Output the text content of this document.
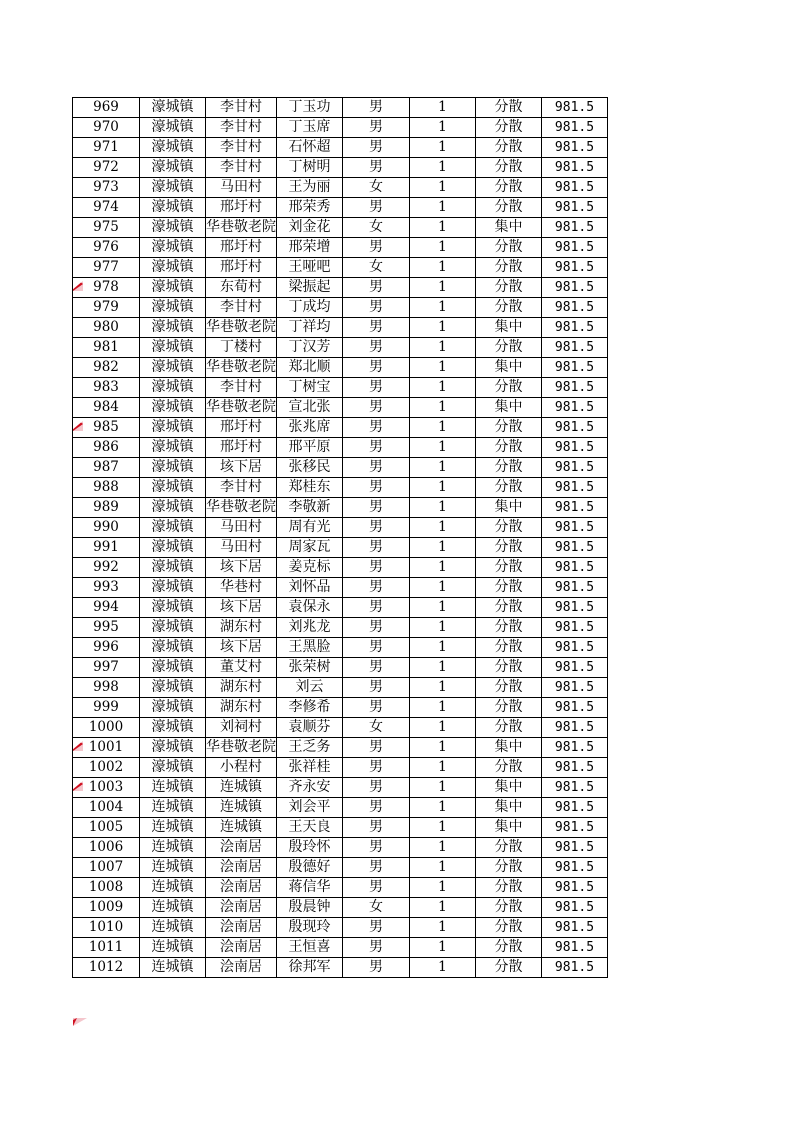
969	濠城镇	李甘村	丁玉功	男	1	分散	981.5
970	濠城镇	李甘村	丁玉席	男	1	分散	981.5
971	濠城镇	李甘村	石怀超	男	1	分散	981.5
972	濠城镇	李甘村	丁树明	男	1	分散	981.5
973	濠城镇	马田村	王为丽	女	1	分散	981.5
974	濠城镇	邢圩村	邢荣秀	男	1	分散	981.5
975	濠城镇	华巷敬老院	刘金花	女	1	集中	981.5
976	濠城镇	邢圩村	邢荣增	男	1	分散	981.5
977	濠城镇	邢圩村	王哑吧	女	1	分散	981.5
978	濠城镇	东荀村	梁振起	男	1	分散	981.5
979	濠城镇	李甘村	丁成均	男	1	分散	981.5
980	濠城镇	华巷敬老院	丁祥均	男	1	集中	981.5
981	濠城镇	丁楼村	丁汉芳	男	1	分散	981.5
982	濠城镇	华巷敬老院	郑北顺	男	1	集中	981.5
983	濠城镇	李甘村	丁树宝	男	1	分散	981.5
984	濠城镇	华巷敬老院	宣北张	男	1	集中	981.5
985	濠城镇	邢圩村	张兆席	男	1	分散	981.5
986	濠城镇	邢圩村	邢平原	男	1	分散	981.5
987	濠城镇	垓下居	张移民	男	1	分散	981.5
988	濠城镇	李甘村	郑桂东	男	1	分散	981.5
989	濠城镇	华巷敬老院	李敬新	男	1	集中	981.5
990	濠城镇	马田村	周有光	男	1	分散	981.5
991	濠城镇	马田村	周家瓦	男	1	分散	981.5
992	濠城镇	垓下居	姜克标	男	1	分散	981.5
993	濠城镇	华巷村	刘怀品	男	1	分散	981.5
994	濠城镇	垓下居	袁保永	男	1	分散	981.5
995	濠城镇	湖东村	刘兆龙	男	1	分散	981.5
996	濠城镇	垓下居	王黑脸	男	1	分散	981.5
997	濠城镇	董艾村	张荣树	男	1	分散	981.5
998	濠城镇	湖东村	刘云	男	1	分散	981.5
999	濠城镇	湖东村	李修希	男	1	分散	981.5
1000	濠城镇	刘祠村	袁顺芬	女	1	分散	981.5
1001	濠城镇	华巷敬老院	王乏务	男	1	集中	981.5
1002	濠城镇	小程村	张祥桂	男	1	分散	981.5
1003	连城镇	连城镇	齐永安	男	1	集中	981.5
1004	连城镇	连城镇	刘会平	男	1	集中	981.5
1005	连城镇	连城镇	王天良	男	1	集中	981.5
1006	连城镇	浍南居	殷玲怀	男	1	分散	981.5
1007	连城镇	浍南居	殷德好	男	1	分散	981.5
1008	连城镇	浍南居	蒋信华	男	1	分散	981.5
1009	连城镇	浍南居	殷晨钟	女	1	分散	981.5
1010	连城镇	浍南居	殷现玲	男	1	分散	981.5
1011	连城镇	浍南居	王恒喜	男	1	分散	981.5
1012	连城镇	浍南居	徐邦军	男	1	分散	981.5
